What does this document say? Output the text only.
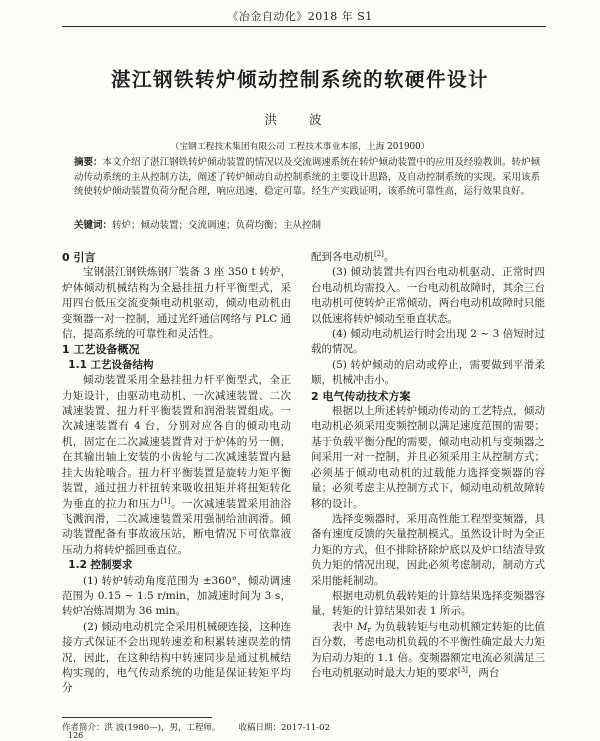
《冶金自动化》2018 年 S1
湛江钢铁转炉倾动控制系统的软硬件设计
洪 波
（宝钢工程技术集团有限公司 工程技术事业本部，上海 201900）
摘要：本文介绍了湛江钢铁转炉倾动装置的情况以及交流调速系统在转炉倾动装置中的应用及经验教训。转炉倾动传动系统的主从控制方法，阐述了转炉倾动自动控制系统的主要设计思路，及自动控制系统的实现。采用该系统使转炉倾动装置负荷分配合理，响应迅速，稳定可靠。经生产实践证明，该系统可靠性高，运行效果良好。
关键词：转炉；倾动装置；交流调速；负荷均衡；主从控制

0 引言

宝钢湛江钢铁炼钢厂装备 3 座 350 t 转炉，炉体倾动机械结构为全悬挂扭力杆平衡型式，采用四台低压交流变频电动机驱动，倾动电动机由变频器一对一控制，通过光纤通信网络与 PLC 通信，提高系统的可靠性和灵活性。

1 工艺设备概况

1.1 工艺设备结构

倾动装置采用全悬挂扭力杆平衡型式，全正力矩设计，由驱动电动机、一次减速装置、二次减速装置、扭力杆平衡装置和润滑装置组成。一次减速装置有 4 台，分别对应各自的倾动电动机，固定在二次减速装置背对于炉体的另一侧，在其输出轴上安装的小齿轮与二次减速装置内悬挂大齿轮啮合。扭力杆平衡装置是旋转力矩平衡装置，通过扭力杆扭转来吸收扭矩并将扭矩转化为垂直的拉力和压力[1]。一次减速装置采用油浴飞溅润滑，二次减速装置采用强制给油润滑。倾动装置配备有事故液压站，断电情况下可依靠液压动力将转炉摇回垂直位。

1.2 控制要求

(1) 转炉转动角度范围为 ±360°，倾动调速范围为 0.15 ~ 1.5 r/min，加减速时间为 3 s，转炉冶炼周期为 36 min。

(2) 倾动电动机完全采用机械硬连接，这种连接方式保证不会出现转速差和积累转速误差的情况，因此，在这种结构中转速同步是通过机械结构实现的，电气传动系统的功能是保证转矩平均分

配到各电动机[2]。

(3) 倾动装置共有四台电动机驱动，正常时四台电动机均需投入。一台电动机故障时，其余三台电动机可使转炉正常倾动，两台电动机故障时只能以低速将转炉倾动至垂直状态。

(4) 倾动电动机运行时会出现 2 ~ 3 倍短时过载的情况。

(5) 转炉倾动的启动或停止，需要做到平滑柔顺，机械冲击小。

2 电气传动技术方案

根据以上所述转炉倾动传动的工艺特点，倾动电动机必须采用变频控制以满足速度范围的需要；基于负载平衡分配的需要，倾动电动机与变频器之间采用一对一控制，并且必须采用主从控制方式；必须基于倾动电动机的过载能力选择变频器的容量；必须考虑主从控制方式下，倾动电动机故障转移的设计。

选择变频器时，采用高性能工程型变频器，具备有速度反馈的矢量控制模式。虽然设计时为全正力矩的方式，但不排除挤除炉底以及炉口结渣导致负力矩的情况出现，因此必须考虑制动，制动方式采用能耗制动。

根据电动机负载转矩的计算结果选择变频器容量，转矩的计算结果如表 1 所示。

表中 $M_r$ 为负载转矩与电动机额定转矩的比值百分数，考虑电动机负载的不平衡性确定最大力矩为启动力矩的 1.1 倍。变频器额定电流必须满足三台电动机驱动时最大力矩的要求[3]，两台

作者简介：洪 波(1980—)，男，工程师。 收稿日期：2017-11-02
126
